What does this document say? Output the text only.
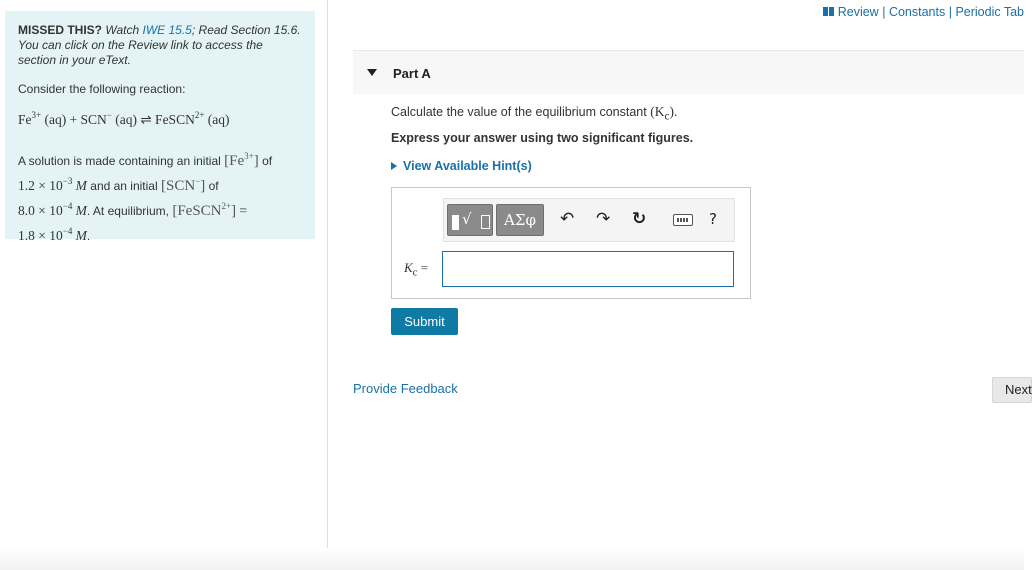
Review | Constants | Periodic Tab

MISSED THIS? Watch IWE 15.5; Read Section 15.6. You can click on the Review link to access the section in your eText.

Consider the following reaction:
$Fe^{3+}$ (aq) + SCN− (aq) ⇌ FeSCN$^{2+}$ (aq)
A solution is made containing an initial $[Fe^{3+}]$ of
$1.2 \times 10^{-3}$ M and an initial [SCN−] of
$8.0 \times 10^{-4}$ M. At equilibrium, [FeSCN$^{2+}$] =
$1.8 \times 10^{-4}$ M.
Part A
Calculate the value of the equilibrium constant $(K_c)$.
Express your answer using two significant figures.
View Available Hint(s)
√	ΑΣφ	↶ ↷ ↻	?
$K_c$ =
Submit
Provide Feedback	Next
